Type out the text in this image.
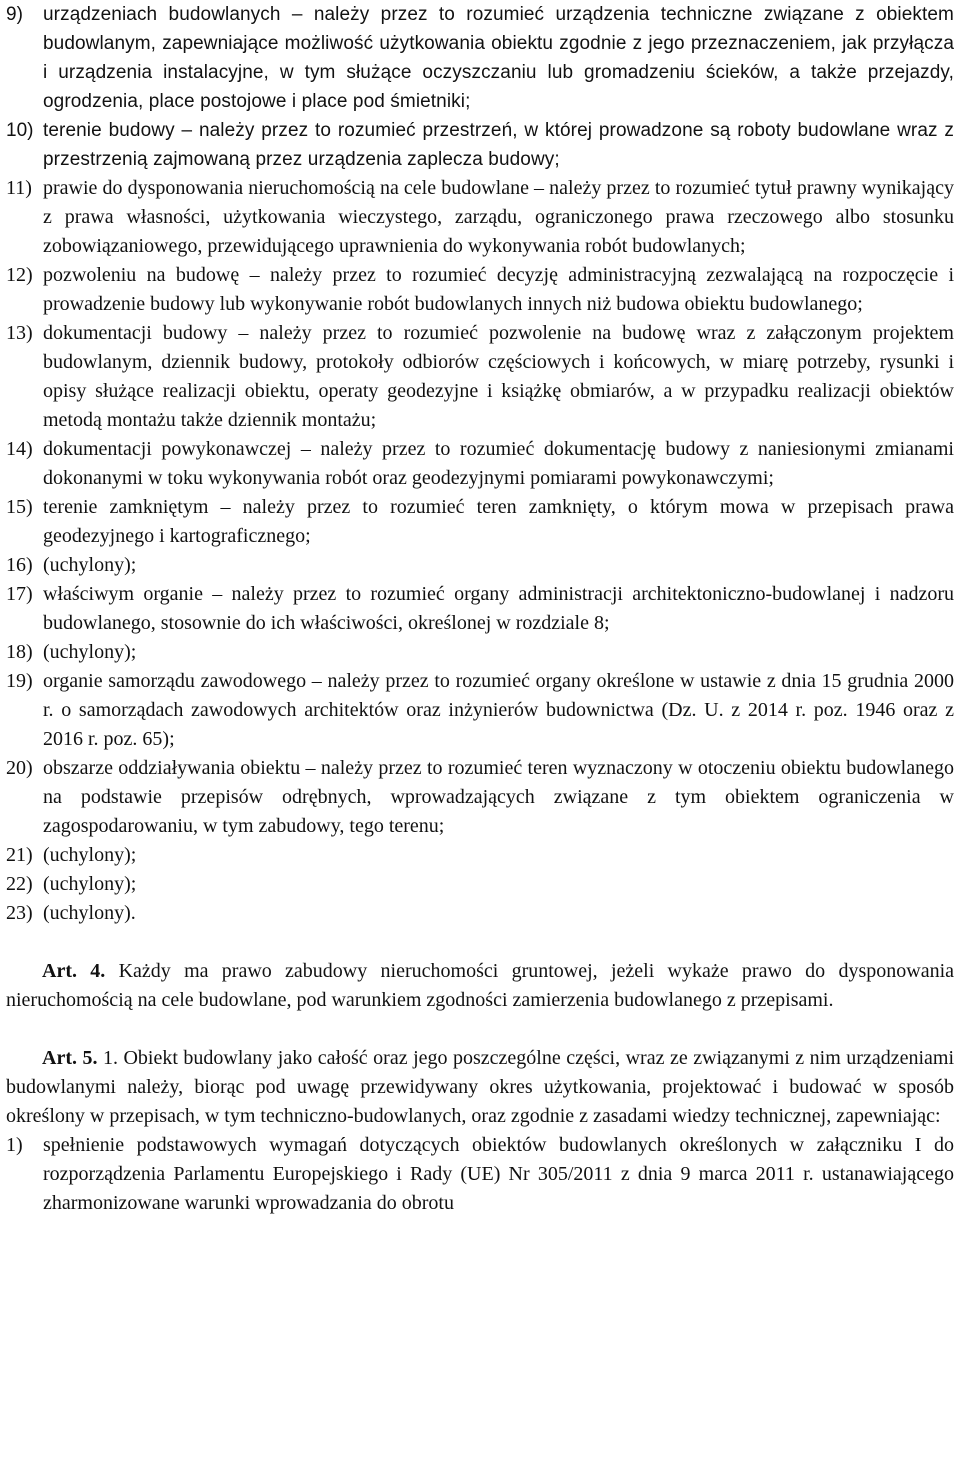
9)	urządzeniach budowlanych – należy przez to rozumieć urządzenia techniczne związane z obiektem budowlanym, zapewniające możliwość użytkowania obiektu zgodnie z jego przeznaczeniem, jak przyłącza i urządzenia instalacyjne, w tym służące oczyszczaniu lub gromadzeniu ścieków, a także przejazdy, ogrodzenia, place postojowe i place pod śmietniki;
10) terenie budowy – należy przez to rozumieć przestrzeń, w której prowadzone są roboty budowlane wraz z przestrzenią zajmowaną przez urządzenia zaplecza budowy;
11) prawie do dysponowania nieruchomością na cele budowlane – należy przez to rozumieć tytuł prawny wynikający z prawa własności, użytkowania wieczystego, zarządu, ograniczonego prawa rzeczowego albo stosunku zobowiązaniowego, przewidującego uprawnienia do wykonywania robót budowlanych;
12) pozwoleniu na budowę – należy przez to rozumieć decyzję administracyjną zezwalającą na rozpoczęcie i prowadzenie budowy lub wykonywanie robót budowlanych innych niż budowa obiektu budowlanego;
13) dokumentacji budowy – należy przez to rozumieć pozwolenie na budowę wraz z załączonym projektem budowlanym, dziennik budowy, protokoły odbiorów częściowych i końcowych, w miarę potrzeby, rysunki i opisy służące realizacji obiektu, operaty geodezyjne i książkę obmiarów, a w przypadku realizacji obiektów metodą montażu także dziennik montażu;
14) dokumentacji powykonawczej – należy przez to rozumieć dokumentację budowy z naniesionymi zmianami dokonanymi w toku wykonywania robót oraz geodezyjnymi pomiarami powykonawczymi;
15) terenie zamkniętym – należy przez to rozumieć teren zamknięty, o którym mowa w przepisach prawa geodezyjnego i kartograficznego;
16) (uchylony);
17) właściwym organie – należy przez to rozumieć organy administracji architektoniczno-budowlanej i nadzoru budowlanego, stosownie do ich właściwości, określonej w rozdziale 8;
18) (uchylony);
19) organie samorządu zawodowego – należy przez to rozumieć organy określone w ustawie z dnia 15 grudnia 2000 r. o samorządach zawodowych architektów oraz inżynierów budownictwa (Dz. U. z 2014 r. poz. 1946 oraz z 2016 r. poz. 65);
20) obszarze oddziaływania obiektu – należy przez to rozumieć teren wyznaczony w otoczeniu obiektu budowlanego na podstawie przepisów odrębnych, wprowadzających związane z tym obiektem ograniczenia w zagospodarowaniu, w tym zabudowy, tego terenu;
21) (uchylony);
22) (uchylony);
23) (uchylony).
Art. 4. Każdy ma prawo zabudowy nieruchomości gruntowej, jeżeli wykaże prawo do dysponowania nieruchomością na cele budowlane, pod warunkiem zgodności zamierzenia budowlanego z przepisami.
Art. 5. 1. Obiekt budowlany jako całość oraz jego poszczególne części, wraz ze związanymi z nim urządzeniami budowlanymi należy, biorąc pod uwagę przewidywany okres użytkowania, projektować i budować w sposób określony w przepisach, w tym techniczno-budowlanych, oraz zgodnie z zasadami wiedzy technicznej, zapewniając:
1)	spełnienie podstawowych wymagań dotyczących obiektów budowlanych określonych w załączniku I do rozporządzenia Parlamentu Europejskiego i Rady (UE) Nr 305/2011 z dnia 9 marca 2011 r. ustanawiającego zharmonizowane warunki wprowadzania do obrotu
